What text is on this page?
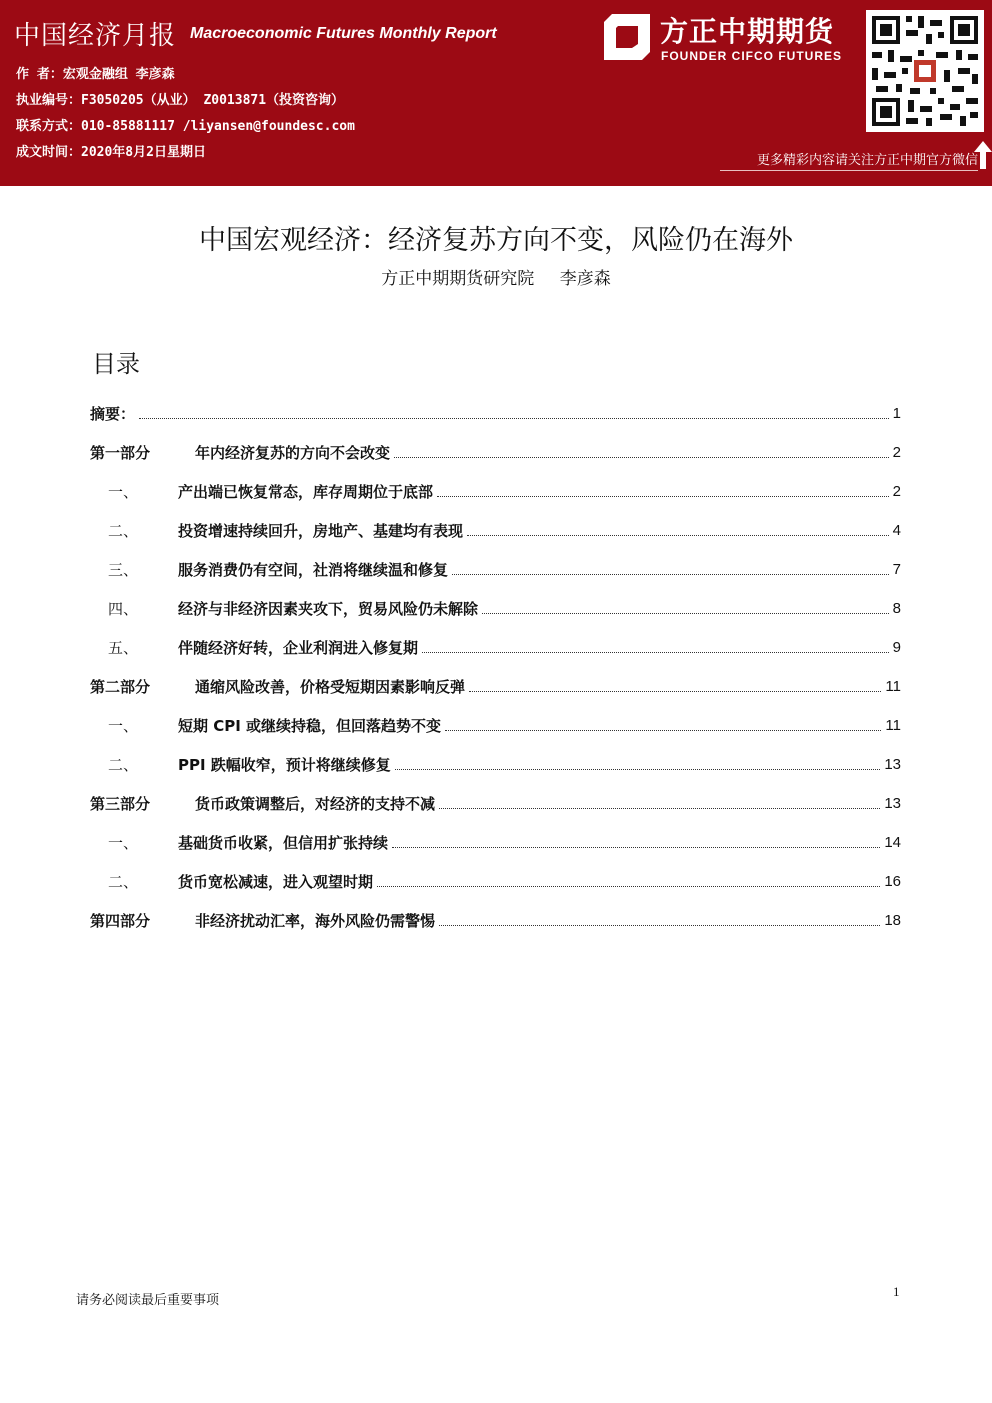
中国经济月报 Macroeconomic Futures Monthly Report
作 者：宏观金融组 李彦森
执业编号：F3050205（从业） Z0013871（投资咨询）
联系方式：010-85881117 /liyansen@foundesc.com
成文时间：2020年8月2日星期日
方正中期期货
FOUNDER CIFCO FUTURES
更多精彩内容请关注方正中期官方微信
中国宏观经济：经济复苏方向不变，风险仍在海外
方正中期期货研究院 李彦森
目录
摘要：	1
第一部分	年内经济复苏的方向不会改变	2
一、	产出端已恢复常态，库存周期位于底部	2
二、	投资增速持续回升，房地产、基建均有表现	4
三、	服务消费仍有空间，社消将继续温和修复	7
四、	经济与非经济因素夹攻下，贸易风险仍未解除	8
五、	伴随经济好转，企业利润进入修复期	9
第二部分	通缩风险改善，价格受短期因素影响反弹	11
一、	短期 CPI 或继续持稳，但回落趋势不变	11
二、	PPI 跌幅收窄，预计将继续修复	13
第三部分	货币政策调整后，对经济的支持不减	13
一、	基础货币收紧，但信用扩张持续	14
二、	货币宽松减速，进入观望时期	16
第四部分	非经济扰动汇率，海外风险仍需警惕	18
请务必阅读最后重要事项
1
